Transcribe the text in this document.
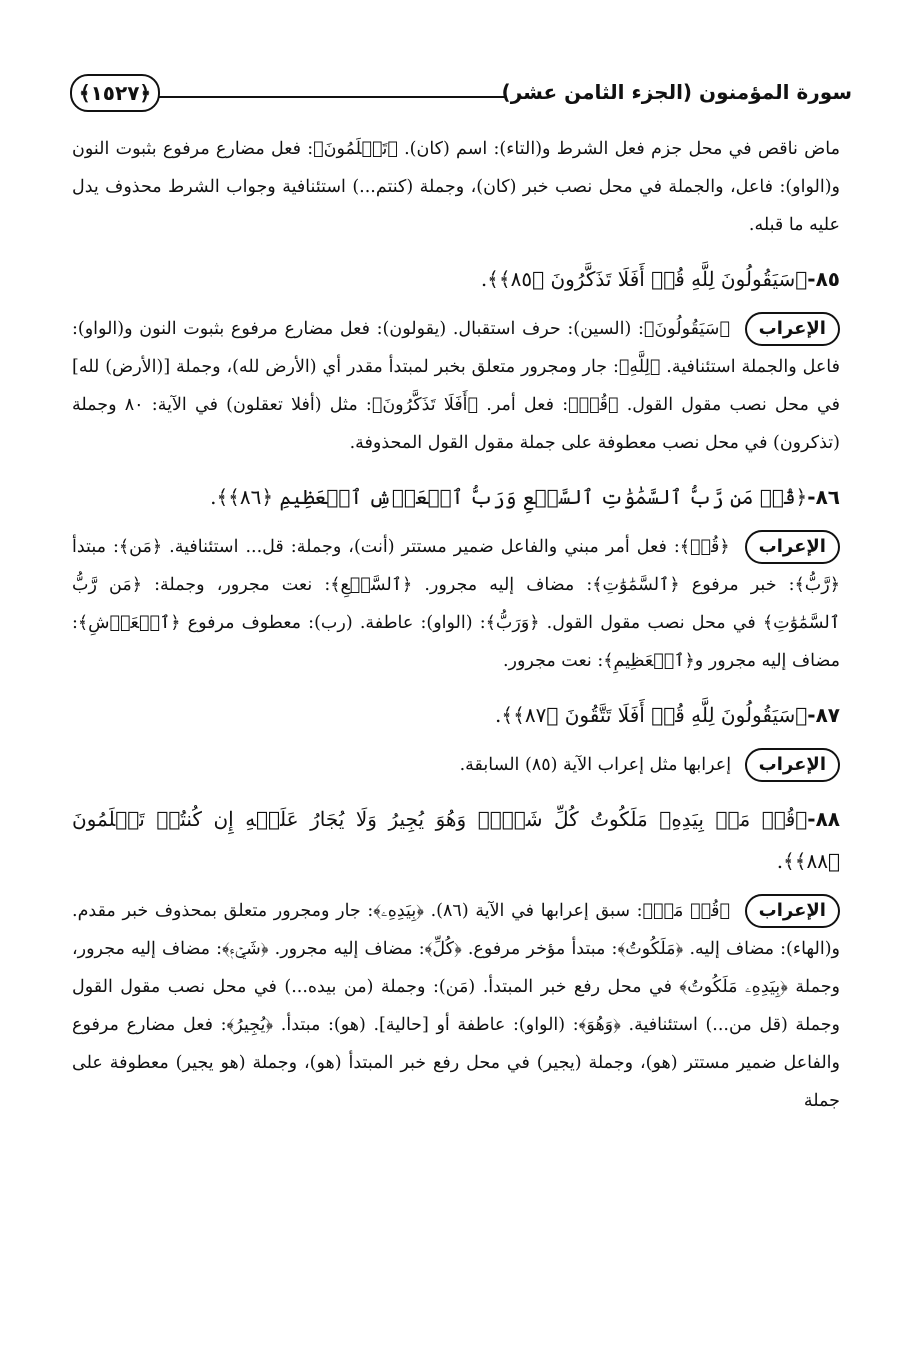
سورة المؤمنون (الجزء الثامن عشر)
﴿١٥٢٧﴾
ماض ناقص في محل جزم فعل الشرط و(التاء): اسم (كان). ﴿تَعۡلَمُونَ﴾: فعل مضارع مرفوع بثبوت النون و(الواو): فاعل، والجملة في محل نصب خبر (كان)، وجملة (كنتم...) استئنافية وجواب الشرط محذوف يدل عليه ما قبله.
٨٥-﴿سَيَقُولُونَ لِلَّهِ قُلۡ أَفَلَا تَذَكَّرُونَ ﴿٨٥﴾﴾.
الإعراب ﴿سَيَقُولُونَ﴾: (السين): حرف استقبال. (يقولون): فعل مضارع مرفوع بثبوت النون و(الواو): فاعل والجملة استئنافية. ﴿لِلَّهِ﴾: جار ومجرور متعلق بخبر لمبتدأ مقدر أي (الأرض لله)، وجملة [(الأرض) لله] في محل نصب مقول القول. ﴿قُلۡ﴾: فعل أمر. ﴿أَفَلَا تَذَكَّرُونَ﴾: مثل (أفلا تعقلون) في الآية: ٨٠ وجملة (تذكرون) في محل نصب معطوفة على جملة مقول القول المحذوفة.
٨٦-﴿قُلۡ مَن رَّبُّ ٱلسَّمَٰوَٰتِ ٱلسَّبۡعِ وَرَبُّ ٱلۡعَرۡشِ ٱلۡعَظِيمِ ﴿٨٦﴾﴾.
الإعراب ﴿قُلۡ﴾: فعل أمر مبني والفاعل ضمير مستتر (أنت)، وجملة: قل... استئنافية. ﴿مَن﴾: مبتدأ ﴿رَّبُّ﴾: خبر مرفوع ﴿ٱلسَّمَٰوَٰتِ﴾: مضاف إليه مجرور. ﴿ٱلسَّبۡعِ﴾: نعت مجرور، وجملة: ﴿مَن رَّبُّ ٱلسَّمَٰوَٰتِ﴾ في محل نصب مقول القول. ﴿وَرَبُّ﴾: (الواو): عاطفة. (رب): معطوف مرفوع ﴿ٱلۡعَرۡشِ﴾: مضاف إليه مجرور و﴿ٱلۡعَظِيمِ﴾: نعت مجرور.
٨٧-﴿سَيَقُولُونَ لِلَّهِ قُلۡ أَفَلَا تَتَّقُونَ ﴿٨٧﴾﴾.
الإعراب إعرابها مثل إعراب الآية (٨٥) السابقة.
٨٨-﴿قُلۡ مَنۢ بِيَدِهِۦ مَلَكُوتُ كُلِّ شَيۡءٖ وَهُوَ يُجِيرُ وَلَا يُجَارُ عَلَيۡهِ إِن كُنتُمۡ تَعۡلَمُونَ ﴿٨٨﴾﴾.
الإعراب ﴿قُلۡ مَنۢ﴾: سبق إعرابها في الآية (٨٦). ﴿بِيَدِهِۦ﴾: جار ومجرور متعلق بمحذوف خبر مقدم. و(الهاء): مضاف إليه. ﴿مَلَكُوتُ﴾: مبتدأ مؤخر مرفوع. ﴿كُلِّ﴾: مضاف إليه مجرور. ﴿شَيۡءٖ﴾: مضاف إليه مجرور، وجملة ﴿بِيَدِهِۦ مَلَكُوتُ﴾ في محل رفع خبر المبتدأ. (مَن): وجملة (من بيده...) في محل نصب مقول القول وجملة (قل من...) استئنافية. ﴿وَهُوَ﴾: (الواو): عاطفة أو [حالية]. (هو): مبتدأ. ﴿يُجِيرُ﴾: فعل مضارع مرفوع والفاعل ضمير مستتر (هو)، وجملة (يجير) في محل رفع خبر المبتدأ (هو)، وجملة (هو يجير) معطوفة على جملة
